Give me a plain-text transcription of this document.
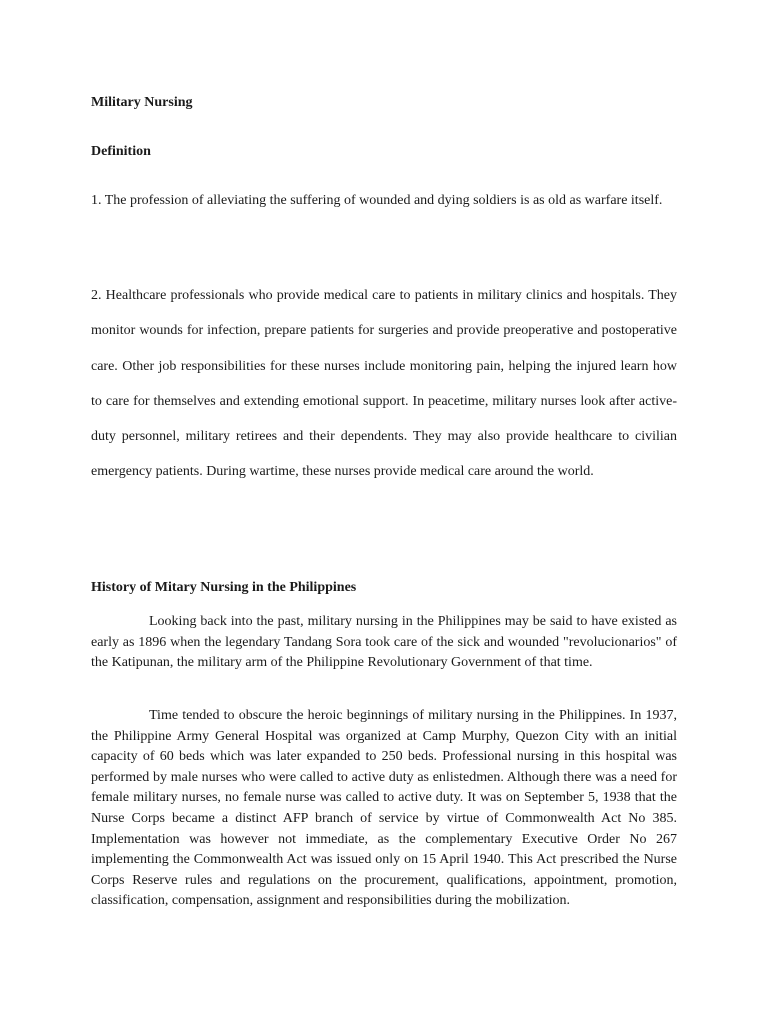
Military Nursing
Definition

1. The profession of alleviating the suffering of wounded and dying soldiers is as old as warfare itself.

2. Healthcare professionals who provide medical care to patients in military clinics and hospitals. They monitor wounds for infection, prepare patients for surgeries and provide preoperative and postoperative care. Other job responsibilities for these nurses include monitoring pain, helping the injured learn how to care for themselves and extending emotional support. In peacetime, military nurses look after active-duty personnel, military retirees and their dependents. They may also provide healthcare to civilian emergency patients. During wartime, these nurses provide medical care around the world.

History of Mitary Nursing in the Philippines

Looking back into the past, military nursing in the Philippines may be said to have existed as early as 1896 when the legendary Tandang Sora took care of the sick and wounded "revolucionarios" of the Katipunan, the military arm of the Philippine Revolutionary Government of that time.

Time tended to obscure the heroic beginnings of military nursing in the Philippines. In 1937, the Philippine Army General Hospital was organized at Camp Murphy, Quezon City with an initial capacity of 60 beds which was later expanded to 250 beds. Professional nursing in this hospital was performed by male nurses who were called to active duty as enlistedmen. Although there was a need for female military nurses, no female nurse was called to active duty. It was on September 5, 1938 that the Nurse Corps became a distinct AFP branch of service by virtue of Commonwealth Act No 385. Implementation was however not immediate, as the complementary Executive Order No 267 implementing the Commonwealth Act was issued only on 15 April 1940. This Act prescribed the Nurse Corps Reserve rules and regulations on the procurement, qualifications, appointment, promotion, classification, compensation, assignment and responsibilities during the mobilization.
